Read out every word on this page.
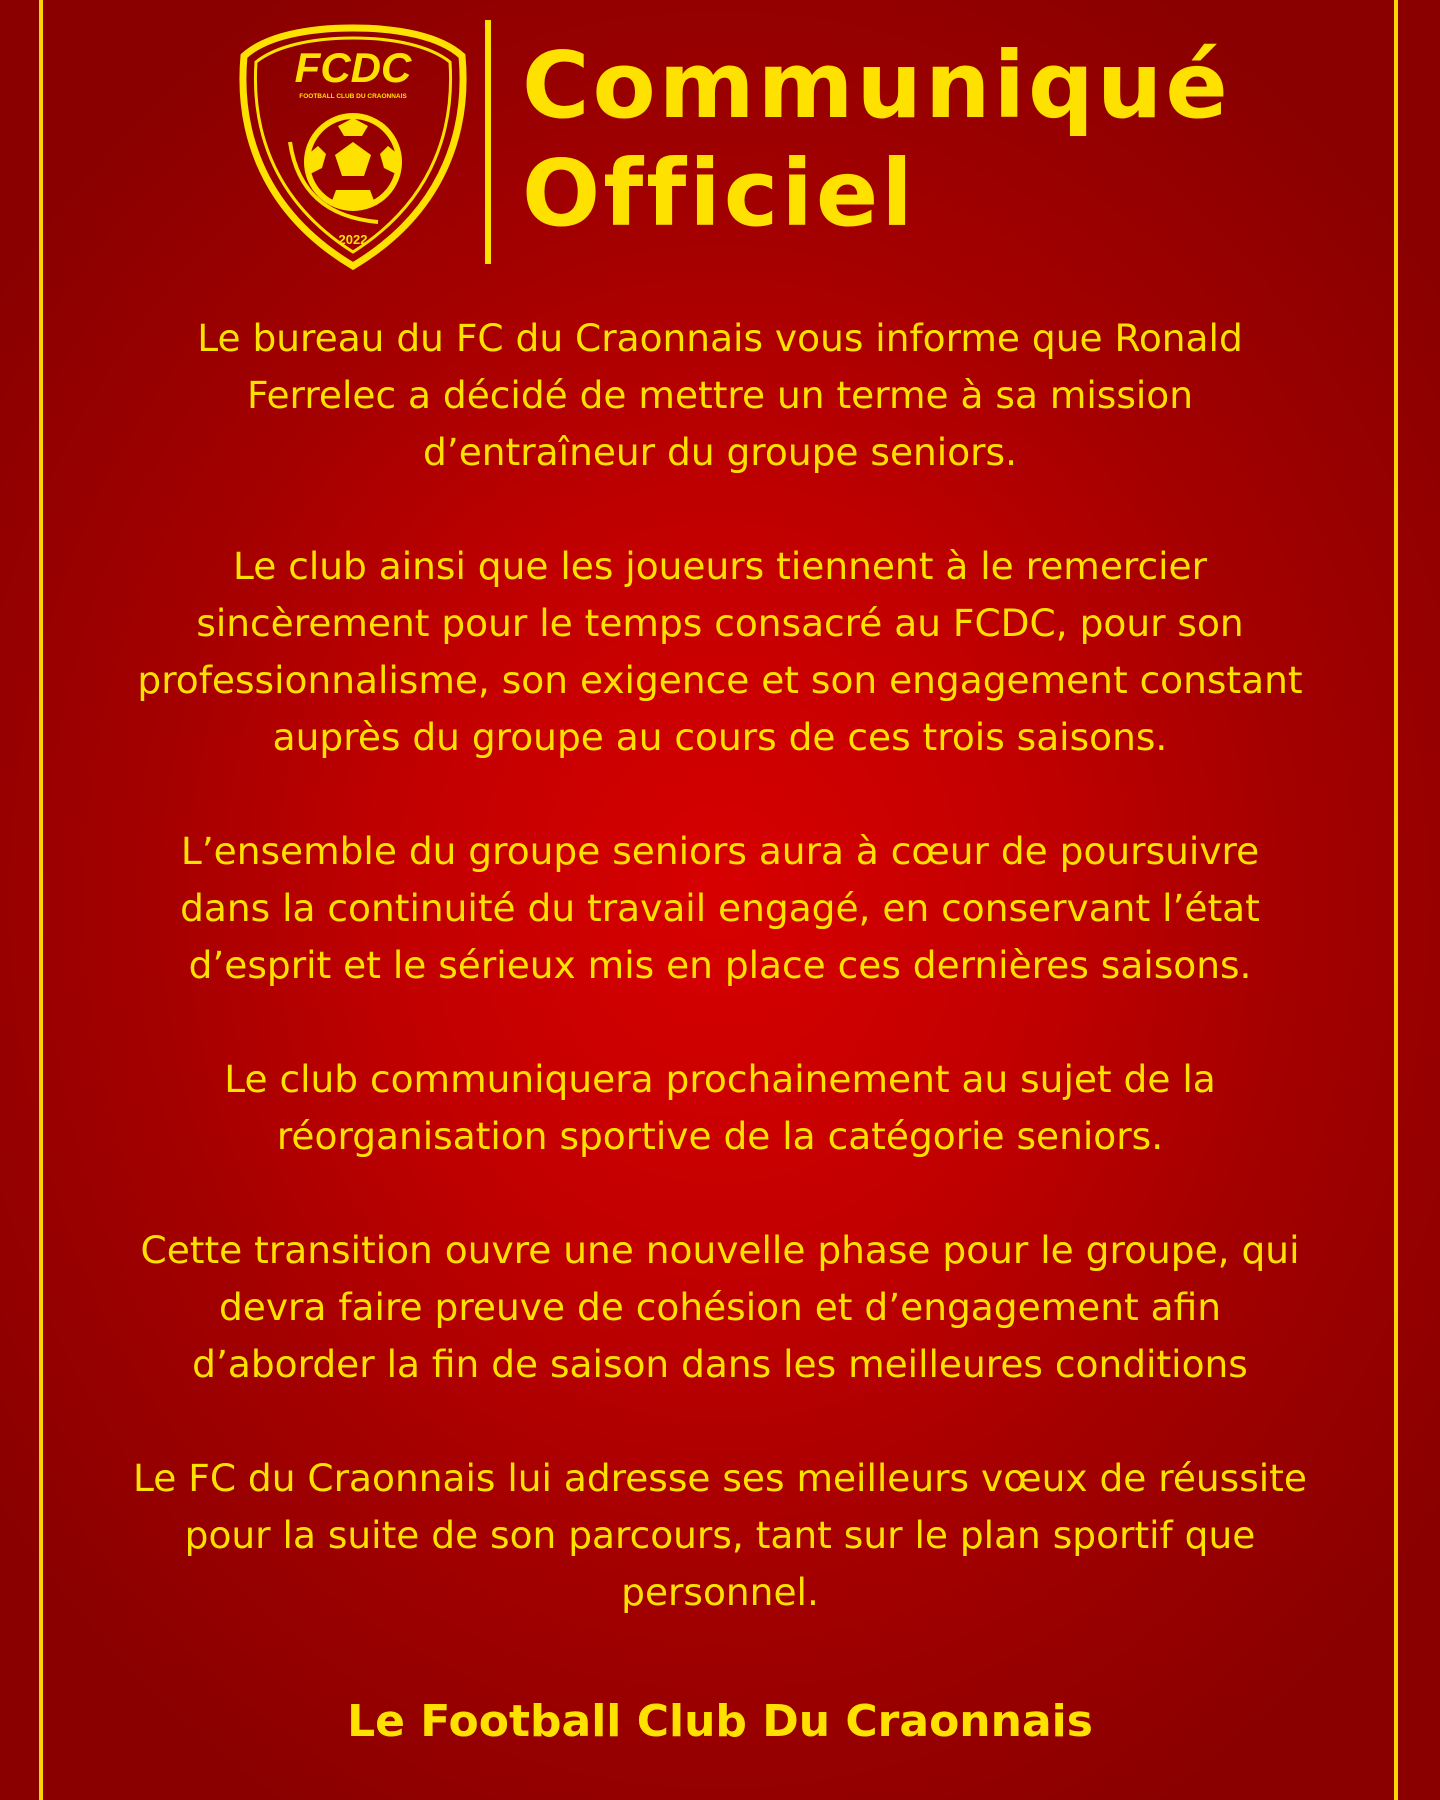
FCDC
FOOTBALL CLUB DU CRAONNAIS
2022
Communiqué
Officiel

Le bureau du FC du Craonnais vous informe que Ronald
Ferrelec a décidé de mettre un terme à sa mission
d’entraîneur du groupe seniors.

Le club ainsi que les joueurs tiennent à le remercier
sincèrement pour le temps consacré au FCDC, pour son
professionnalisme, son exigence et son engagement constant
auprès du groupe au cours de ces trois saisons.

L’ensemble du groupe seniors aura à cœur de poursuivre
dans la continuité du travail engagé, en conservant l’état
d’esprit et le sérieux mis en place ces dernières saisons.

Le club communiquera prochainement au sujet de la
réorganisation sportive de la catégorie seniors.

Cette transition ouvre une nouvelle phase pour le groupe, qui
devra faire preuve de cohésion et d’engagement afin
d’aborder la fin de saison dans les meilleures conditions

Le FC du Craonnais lui adresse ses meilleurs vœux de réussite
pour la suite de son parcours, tant sur le plan sportif que
personnel.

Le Football Club Du Craonnais
